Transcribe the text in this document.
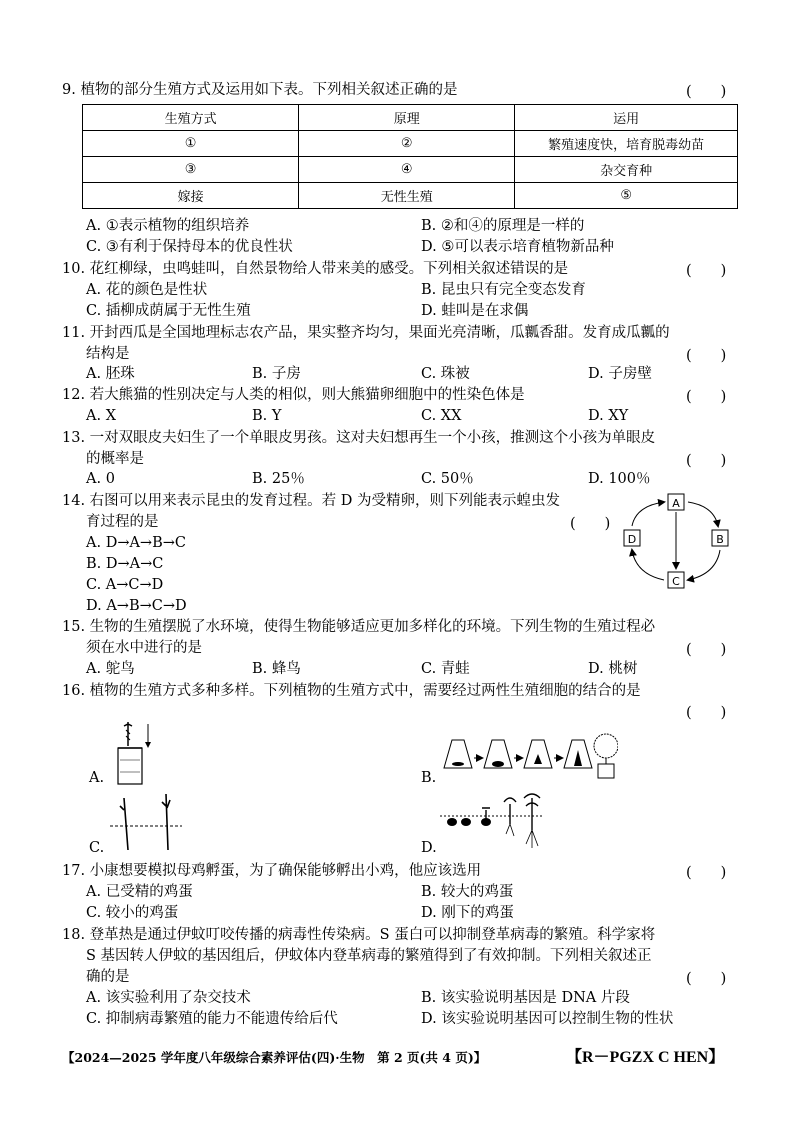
9. 植物的部分生殖方式及运用如下表。下列相关叙述正确的是	(　　)
生殖方式	原理	运用
①	②	繁殖速度快，培育脱毒幼苗
③	④	杂交育种
嫁接	无性生殖	⑤
A. ①表示植物的组织培养	B. ②和④的原理是一样的
C. ③有利于保持母本的优良性状	D. ⑤可以表示培育植物新品种
10. 花红柳绿，虫鸣蛙叫，自然景物给人带来美的感受。下列相关叙述错误的是	(　　)
A. 花的颜色是性状	B. 昆虫只有完全变态发育
C. 插柳成荫属于无性生殖	D. 蛙叫是在求偶
11. 开封西瓜是全国地理标志农产品，果实整齐均匀，果面光亮清晰，瓜瓤香甜。发育成瓜瓤的
结构是	(　　)
A. 胚珠	B. 子房	C. 珠被	D. 子房壁
12. 若大熊猫的性别决定与人类的相似，则大熊猫卵细胞中的性染色体是	(　　)
A. X	B. Y	C. XX	D. XY
13. 一对双眼皮夫妇生了一个单眼皮男孩。这对夫妇想再生一个小孩，推测这个小孩为单眼皮
的概率是	(　　)
A. 0	B. 25％	C. 50％	D. 100％
14. 右图可以用来表示昆虫的发育过程。若 D 为受精卵，则下列能表示蝗虫发
育过程的是	(　　)
A. D→A→B→C
B. D→A→C
C. A→C→D
D. A→B→C→D
A
B
C
D
15. 生物的生殖摆脱了水环境，使得生物能够适应更加多样化的环境。下列生物的生殖过程必
须在水中进行的是	(　　)
A. 鸵鸟	B. 蜂鸟	C. 青蛙	D. 桃树
16. 植物的生殖方式多种多样。下列植物的生殖方式中，需要经过两性生殖细胞的结合的是
(　　)
A.	B.
C.	D.
17. 小康想要模拟母鸡孵蛋，为了确保能够孵出小鸡，他应该选用	(　　)
A. 已受精的鸡蛋	B. 较大的鸡蛋
C. 较小的鸡蛋	D. 刚下的鸡蛋
18. 登革热是通过伊蚊叮咬传播的病毒性传染病。S 蛋白可以抑制登革病毒的繁殖。科学家将
S 基因转人伊蚊的基因组后，伊蚊体内登革病毒的繁殖得到了有效抑制。下列相关叙述正
确的是	(　　)
A. 该实验利用了杂交技术	B. 该实验说明基因是 DNA 片段
C. 抑制病毒繁殖的能力不能遗传给后代	D. 该实验说明基因可以控制生物的性状
【2024—2025 学年度八年级综合素养评估(四)·生物　第 2 页(共 4 页)】	【R－PGZX C HEN】
